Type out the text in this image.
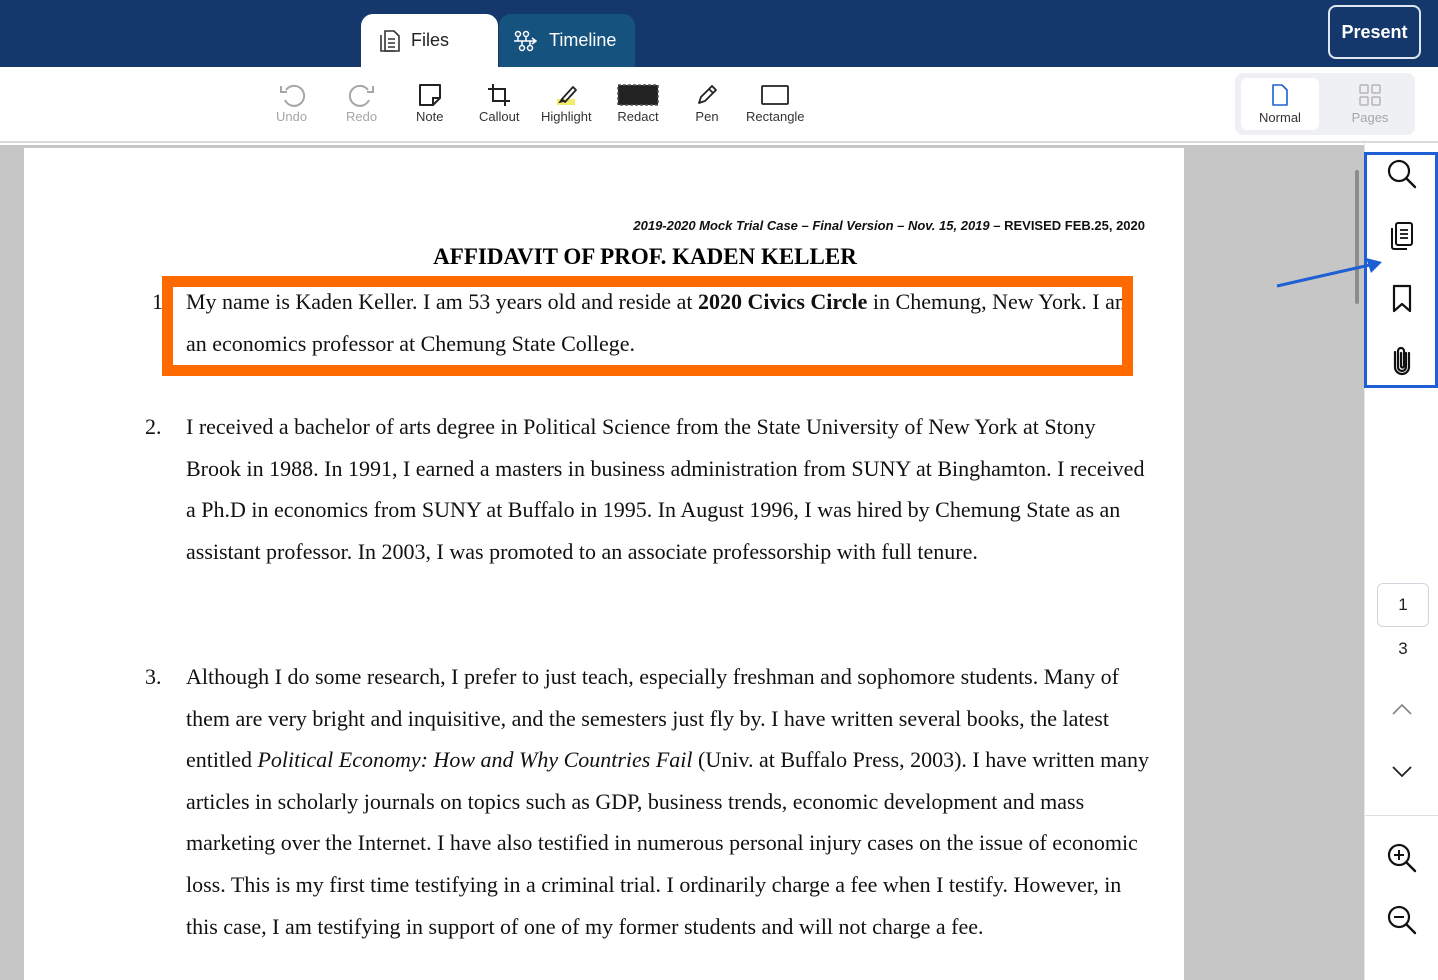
Files	Timeline	Present
Undo	Redo	Note	Callout Highlight Redact	Pen Rectangle	Normal	Pages
2019-2020 Mock Trial Case – Final Version – Nov. 15, 2019 – REVISED FEB.25, 2020
AFFIDAVIT OF PROF. KADEN KELLER
1 My name is Kaden Keller. I am 53 years old and reside at 2020 Civics Circle in Chemung, New York. I am an economics professor at Chemung State College.
2. I received a bachelor of arts degree in Political Science from the State University of New York at Stony Brook in 1988. In 1991, I earned a masters in business administration from SUNY at Binghamton. I received a Ph.D in economics from SUNY at Buffalo in 1995. In August 1996, I was hired by Chemung State as an assistant professor. In 2003, I was promoted to an associate professorship with full tenure.
3. Although I do some research, I prefer to just teach, especially freshman and sophomore students. Many of them are very bright and inquisitive, and the semesters just fly by. I have written several books, the latest entitled Political Economy: How and Why Countries Fail (Univ. at Buffalo Press, 2003). I have written many articles in scholarly journals on topics such as GDP, business trends, economic development and mass marketing over the Internet. I have also testified in numerous personal injury cases on the issue of economic loss. This is my first time testifying in a criminal trial. I ordinarily charge a fee when I testify. However, in this case, I am testifying in support of one of my former students and will not charge a fee.
1
3
